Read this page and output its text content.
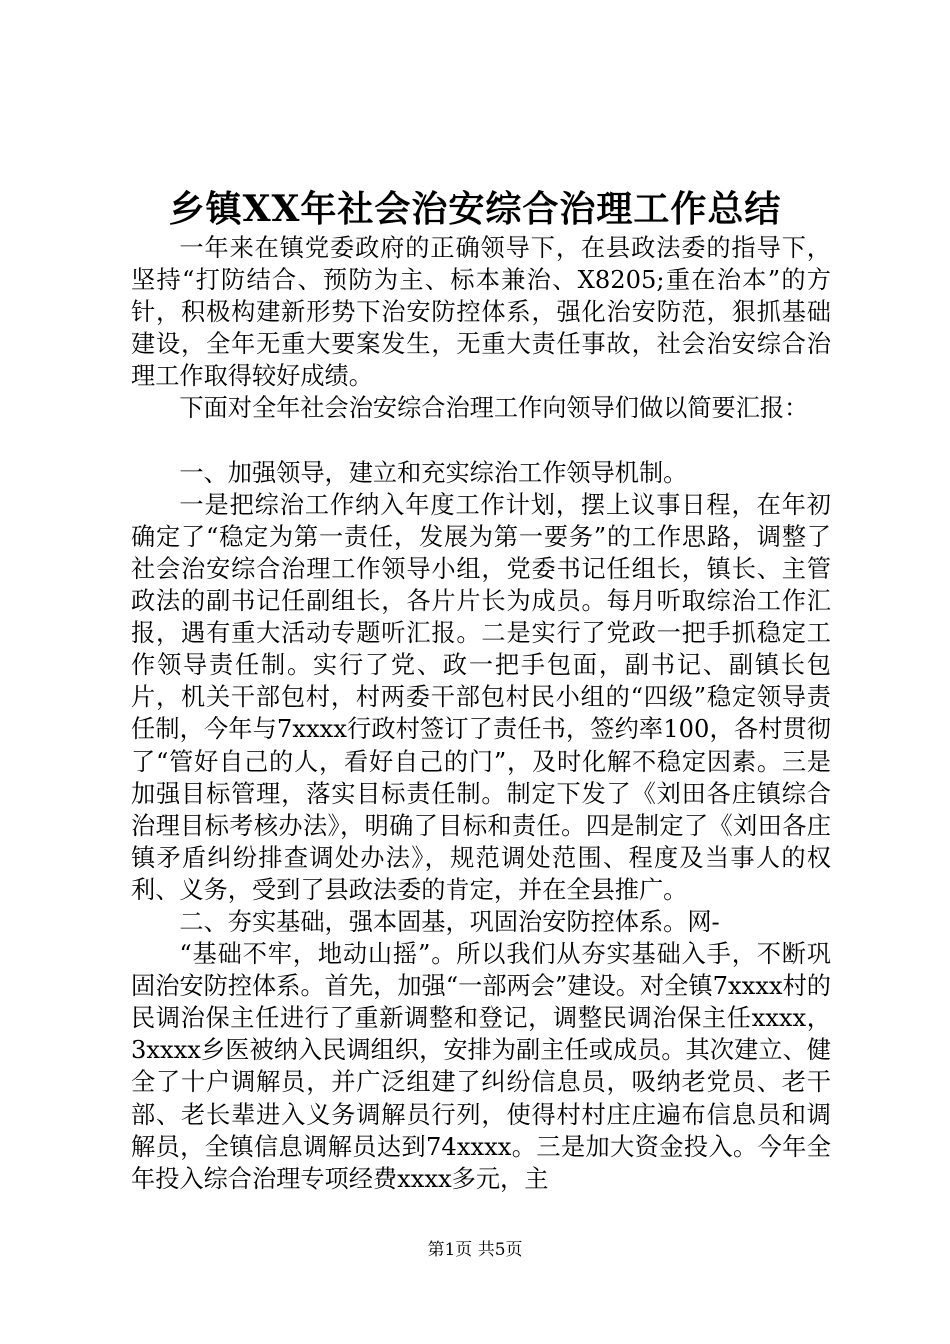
乡镇XX年社会治安综合治理工作总结

一年来在镇党委政府的正确领导下，在县政法委的指导下，坚持“打防结合、预防为主、标本兼治、X8205;重在治本”的方针，积极构建新形势下治安防控体系，强化治安防范，狠抓基础建设，全年无重大要案发生，无重大责任事故，社会治安综合治理工作取得较好成绩。

下面对全年社会治安综合治理工作向领导们做以简要汇报：

一、加强领导，建立和充实综治工作领导机制。

一是把综治工作纳入年度工作计划，摆上议事日程，在年初确定了“稳定为第一责任，发展为第一要务”的工作思路，调整了社会治安综合治理工作领导小组，党委书记任组长，镇长、主管政法的副书记任副组长，各片片长为成员。每月听取综治工作汇报，遇有重大活动专题听汇报。二是实行了党政一把手抓稳定工作领导责任制。实行了党、政一把手包面，副书记、副镇长包片，机关干部包村，村两委干部包村民小组的“四级”稳定领导责任制，今年与7xxxx行政村签订了责任书，签约率100，各村贯彻了“管好自己的人，看好自己的门”，及时化解不稳定因素。三是加强目标管理，落实目标责任制。制定下发了《刘田各庄镇综合治理目标考核办法》，明确了目标和责任。四是制定了《刘田各庄镇矛盾纠纷排查调处办法》，规范调处范围、程度及当事人的权利、义务，受到了县政法委的肯定，并在全县推广。

二、夯实基础，强本固基，巩固治安防控体系。网-

“基础不牢，地动山摇”。所以我们从夯实基础入手，不断巩固治安防控体系。首先，加强“一部两会”建设。对全镇7xxxx村的民调治保主任进行了重新调整和登记，调整民调治保主任xxxx，3xxxx乡医被纳入民调组织，安排为副主任或成员。其次建立、健全了十户调解员，并广泛组建了纠纷信息员，吸纳老党员、老干部、老长辈进入义务调解员行列，使得村村庄庄遍布信息员和调解员，全镇信息调解员达到74xxxx。三是加大资金投入。今年全年投入综合治理专项经费xxxx多元，主

第1页 共5页
